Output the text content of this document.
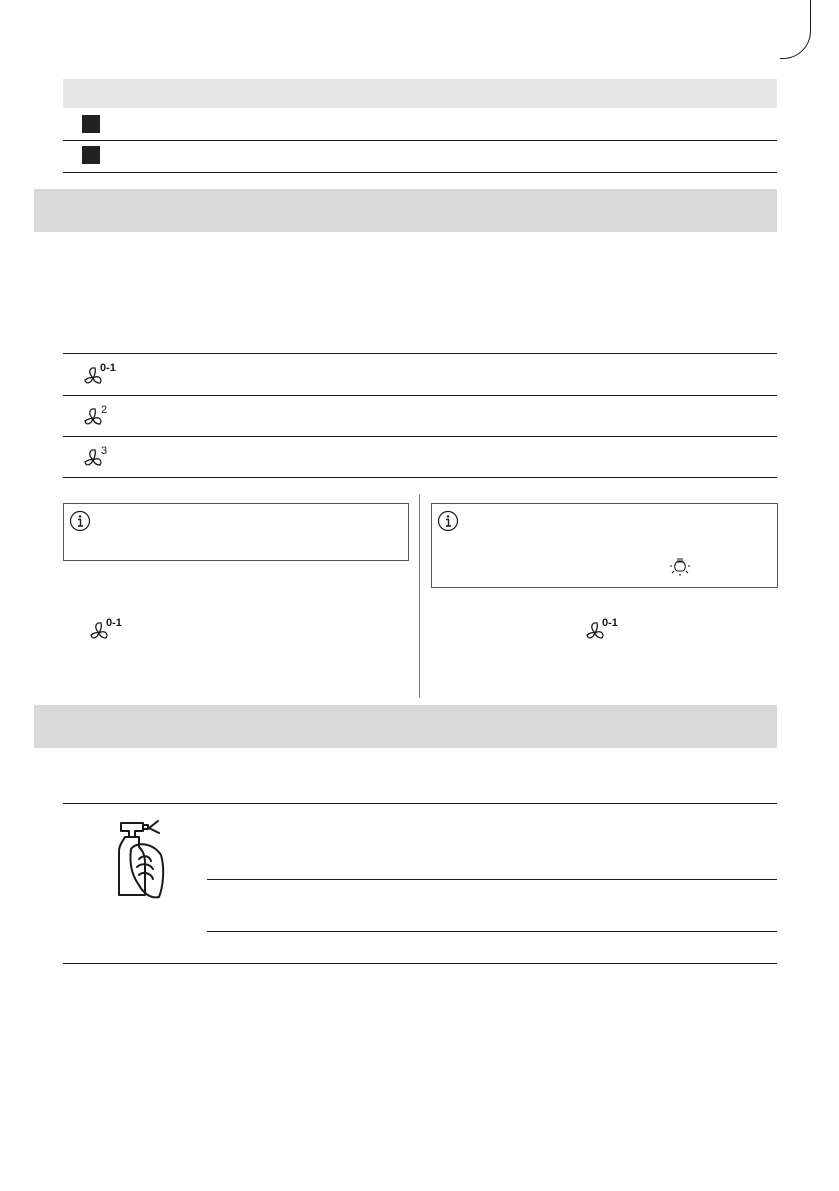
0-1
2
3
0-1	0-1
